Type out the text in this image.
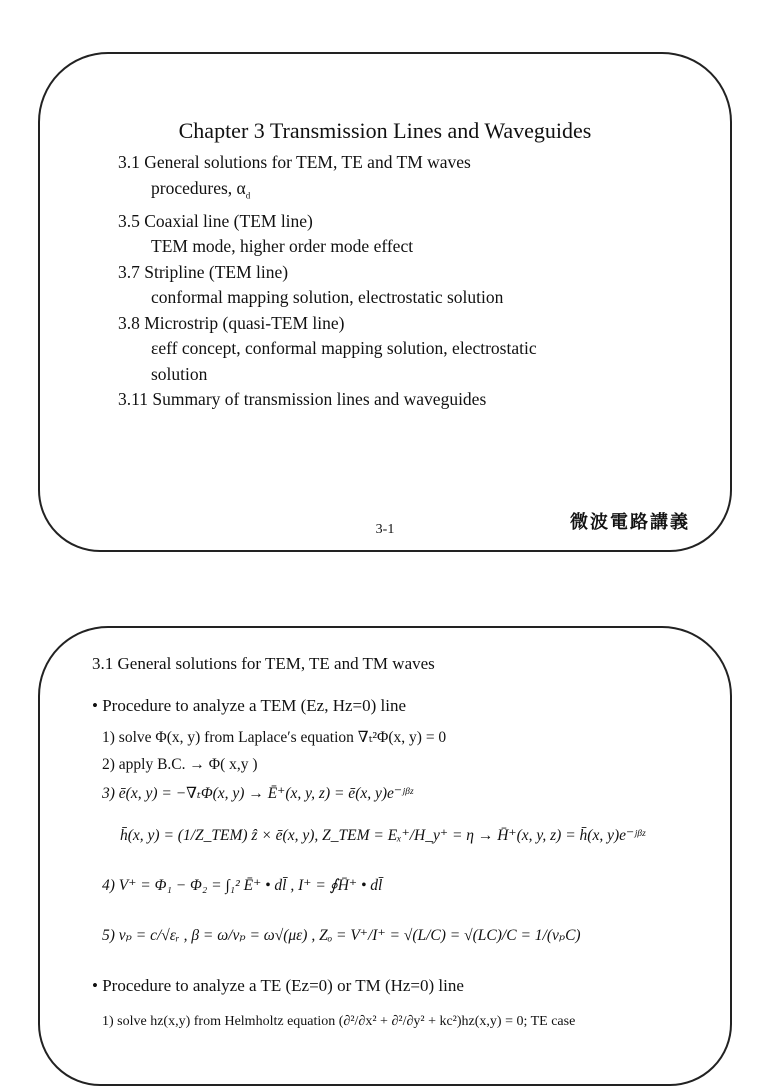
Chapter 3 Transmission Lines and Waveguides
3.1 General solutions for TEM, TE and TM waves
procedures, $\alpha_d$
3.5 Coaxial line (TEM line)
TEM mode, higher order mode effect
3.7 Stripline (TEM line)
conformal mapping solution, electrostatic solution
3.8 Microstrip (quasi-TEM line)
εeff concept, conformal mapping solution, electrostatic
solution
3.11 Summary of transmission lines and waveguides
3-1	微波電路講義
3.1 General solutions for TEM, TE and TM waves
• Procedure to analyze a TEM (Ez, Hz=0) line
1) solve Φ(x, y) from Laplace′s equation ∇ₜ²Φ(x, y) = 0
2) apply B.C. → Φ( x,y )
3) ē(x, y) = −∇ₜΦ(x, y) → Ē⁺(x, y, z) = ē(x, y)e⁻ʲᵝᶻ
h̄(x, y) = (1/Z_TEM) ẑ × ē(x, y), Z_TEM = Eₓ⁺/H_y⁺ = η → H̄⁺(x, y, z) = h̄(x, y)e⁻ʲᵝᶻ
4) V⁺ = Φ₁ − Φ₂ = ∫₁² Ē⁺ • dl̄ , I⁺ = ∮H̄⁺ • dl̄
5) vₚ = c/√εᵣ , β = ω/vₚ = ω√(με) , Zₒ = V⁺/I⁺ = √(L/C) = √(LC)/C = 1/(vₚC)
• Procedure to analyze a TE (Ez=0) or TM (Hz=0) line
1) solve hz(x,y) from Helmholtz equation (∂²/∂x² + ∂²/∂y² + kc²)hz(x,y) = 0; TE case
